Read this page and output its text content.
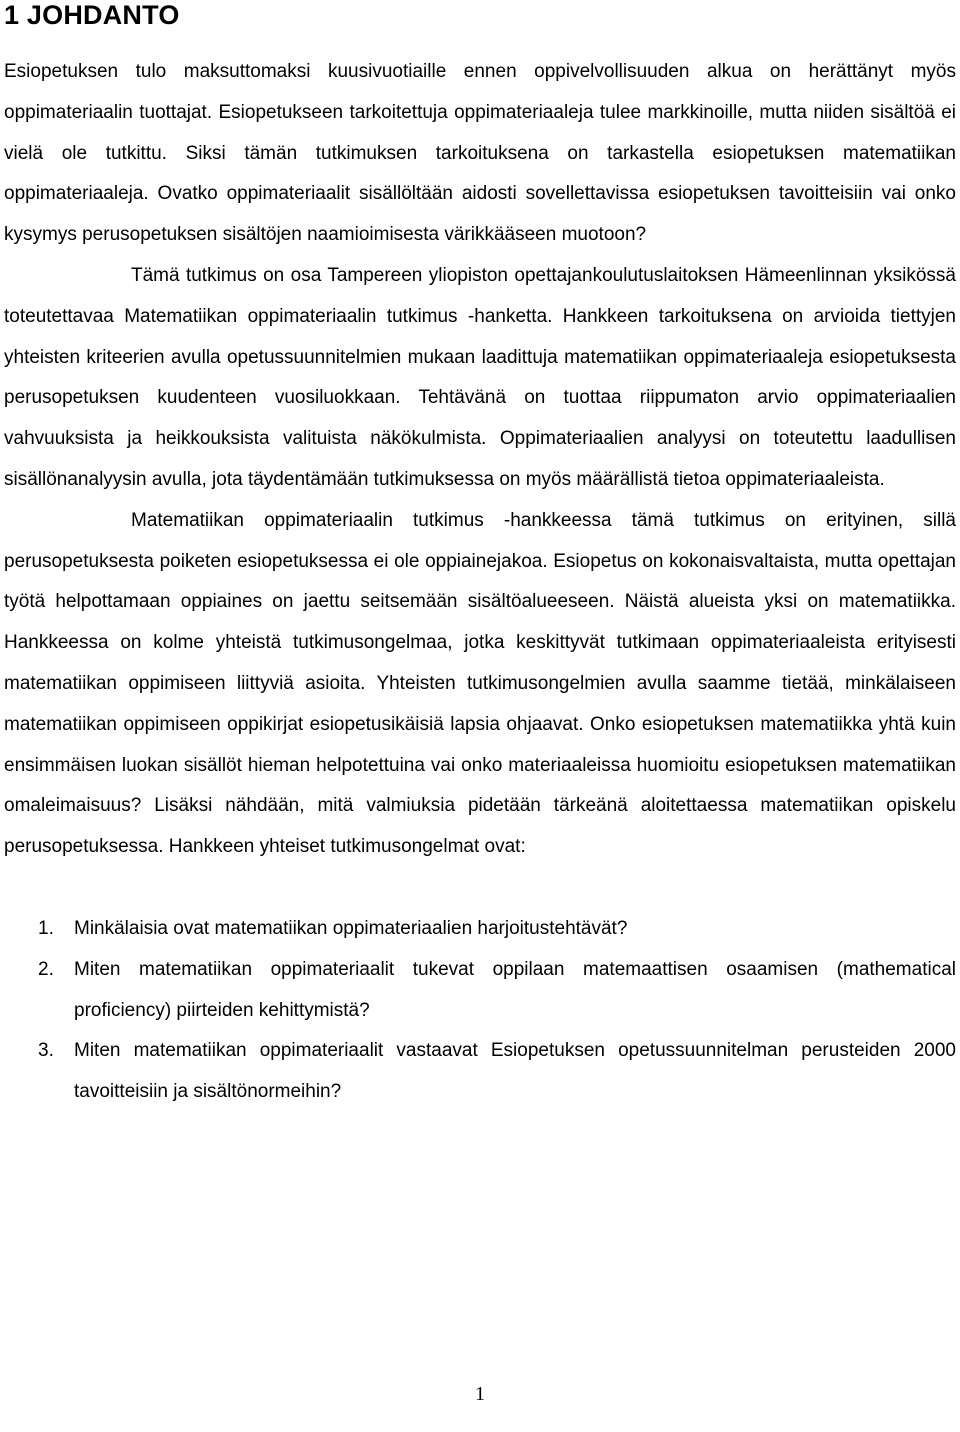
1 JOHDANTO

Esiopetuksen tulo maksuttomaksi kuusivuotiaille ennen oppivelvollisuuden alkua on herättänyt myös oppimateriaalin tuottajat. Esiopetukseen tarkoitettuja oppimateriaaleja tulee markkinoille, mutta niiden sisältöä ei vielä ole tutkittu. Siksi tämän tutkimuksen tarkoituksena on tarkastella esiopetuksen matematiikan oppimateriaaleja. Ovatko oppimateriaalit sisällöltään aidosti sovellettavissa esiopetuksen tavoitteisiin vai onko kysymys perusopetuksen sisältöjen naamioimisesta värikkääseen muotoon?

Tämä tutkimus on osa Tampereen yliopiston opettajankoulutuslaitoksen Hämeenlinnan yksikössä toteutettavaa Matematiikan oppimateriaalin tutkimus -hanketta. Hankkeen tarkoituksena on arvioida tiettyjen yhteisten kriteerien avulla opetussuunnitelmien mukaan laadittuja matematiikan oppimateriaaleja esiopetuksesta perusopetuksen kuudenteen vuosiluokkaan. Tehtävänä on tuottaa riippumaton arvio oppimateriaalien vahvuuksista ja heikkouksista valituista näkökulmista. Oppimateriaalien analyysi on toteutettu laadullisen sisällönanalyysin avulla, jota täydentämään tutkimuksessa on myös määrällistä tietoa oppimateriaaleista.

Matematiikan oppimateriaalin tutkimus -hankkeessa tämä tutkimus on erityinen, sillä perusopetuksesta poiketen esiopetuksessa ei ole oppiainejakoa. Esiopetus on kokonaisvaltaista, mutta opettajan työtä helpottamaan oppiaines on jaettu seitsemään sisältöalueeseen. Näistä alueista yksi on matematiikka. Hankkeessa on kolme yhteistä tutkimusongelmaa, jotka keskittyvät tutkimaan oppimateriaaleista erityisesti matematiikan oppimiseen liittyviä asioita. Yhteisten tutkimusongelmien avulla saamme tietää, minkälaiseen matematiikan oppimiseen oppikirjat esiopetusikäisiä lapsia ohjaavat. Onko esiopetuksen matematiikka yhtä kuin ensimmäisen luokan sisällöt hieman helpotettuina vai onko materiaaleissa huomioitu esiopetuksen matematiikan omaleimaisuus? Lisäksi nähdään, mitä valmiuksia pidetään tärkeänä aloitettaessa matematiikan opiskelu perusopetuksessa. Hankkeen yhteiset tutkimusongelmat ovat:

1. Minkälaisia ovat matematiikan oppimateriaalien harjoitustehtävät?
2. Miten matematiikan oppimateriaalit tukevat oppilaan matemaattisen osaamisen (mathematical proficiency) piirteiden kehittymistä?
3. Miten matematiikan oppimateriaalit vastaavat Esiopetuksen opetussuunnitelman perusteiden 2000 tavoitteisiin ja sisältönormeihin?
1
